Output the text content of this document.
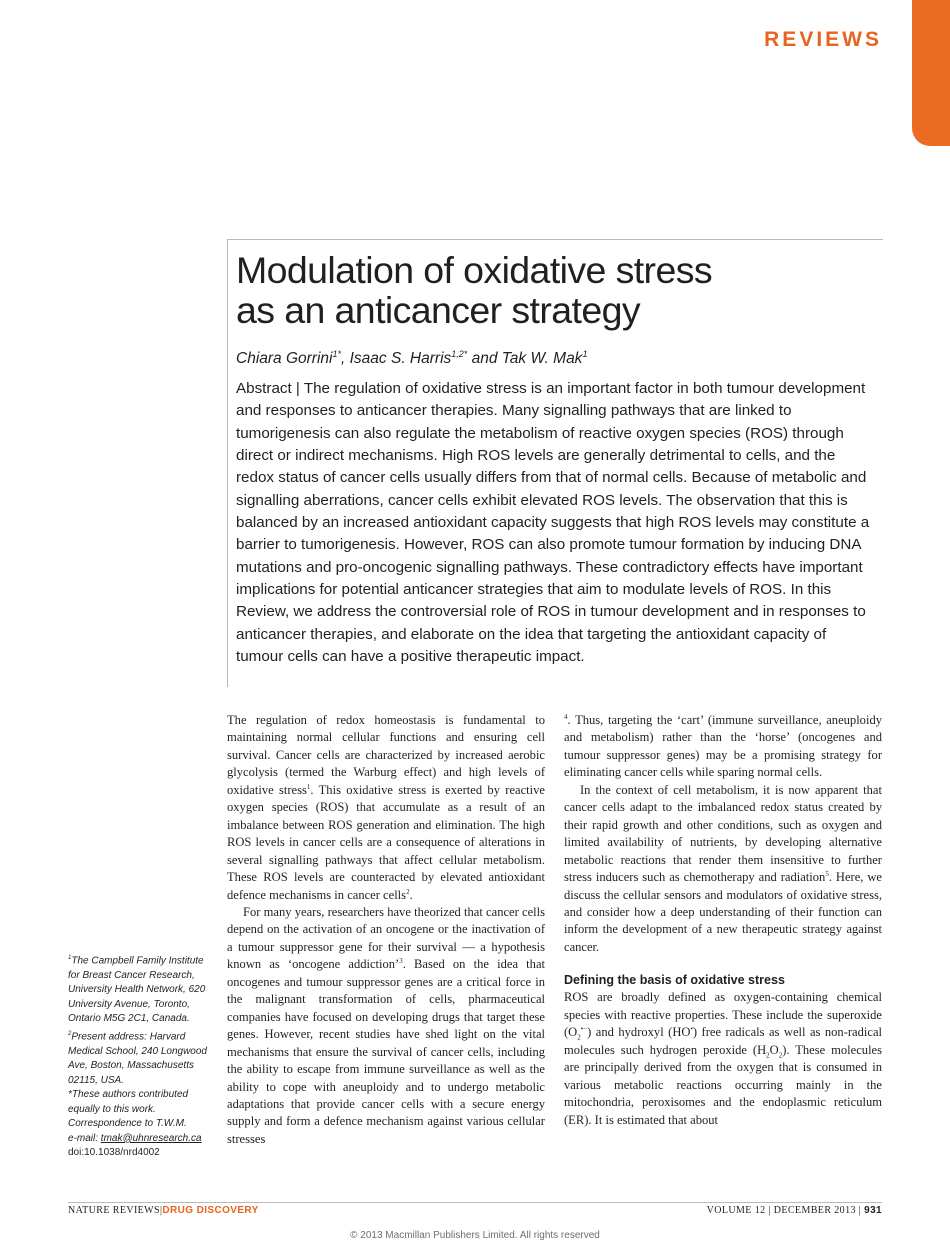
REVIEWS
Modulation of oxidative stress
as an anticancer strategy
Chiara Gorrini$^{1*}$, Isaac S. Harris$^{1,2*}$ and Tak W. Mak$^1$

Abstract | The regulation of oxidative stress is an important factor in both tumour development and responses to anticancer therapies. Many signalling pathways that are linked to tumorigenesis can also regulate the metabolism of reactive oxygen species (ROS) through direct or indirect mechanisms. High ROS levels are generally detrimental to cells, and the redox status of cancer cells usually differs from that of normal cells. Because of metabolic and signalling aberrations, cancer cells exhibit elevated ROS levels. The observation that this is balanced by an increased antioxidant capacity suggests that high ROS levels may constitute a barrier to tumorigenesis. However, ROS can also promote tumour formation by inducing DNA mutations and pro-oncogenic signalling pathways. These contradictory effects have important implications for potential anticancer strategies that aim to modulate levels of ROS. In this Review, we address the controversial role of ROS in tumour development and in responses to anticancer therapies, and elaborate on the idea that targeting the antioxidant capacity of tumour cells can have a positive therapeutic impact.

The regulation of redox homeostasis is fundamental to maintaining normal cellular functions and ensuring cell survival. Cancer cells are characterized by increased aerobic glycolysis (termed the Warburg effect) and high levels of oxidative stress$^1$. This oxidative stress is exerted by reactive oxygen species (ROS) that accumulate as a result of an imbalance between ROS generation and elimination. The high ROS levels in cancer cells are a consequence of alterations in several signalling pathways that affect cellular metabolism. These ROS levels are counteracted by elevated antioxidant defence mechanisms in cancer cells$^2$.

For many years, researchers have theorized that cancer cells depend on the activation of an oncogene or the inactivation of a tumour suppressor gene for their survival — a hypothesis known as ‘oncogene addiction’$^3$. Based on the idea that oncogenes and tumour suppressor genes are a critical force in the malignant transformation of cells, pharmaceutical companies have focused on developing drugs that target these genes. However, recent studies have shed light on the vital mechanisms that ensure the survival of cancer cells, including the ability to escape from immune surveillance as well as the ability to cope with aneuploidy and to undergo metabolic adaptations that provide cancer cells with a secure energy supply and form a defence mechanism against various cellular stresses

$^4$. Thus, targeting the ‘cart’ (immune surveillance, aneuploidy and metabolism) rather than the ‘horse’ (oncogenes and tumour suppressor genes) may be a promising strategy for eliminating cancer cells while sparing normal cells.

In the context of cell metabolism, it is now apparent that cancer cells adapt to the imbalanced redox status created by their rapid growth and other conditions, such as oxygen and limited availability of nutrients, by developing alternative metabolic reactions that render them insensitive to further stress inducers such as chemotherapy and radiation$^5$. Here, we discuss the cellular sensors and modulators of oxidative stress, and consider how a deep understanding of their function can inform the development of a new therapeutic strategy against cancer.

Defining the basis of oxidative stress

ROS are broadly defined as oxygen-containing chemical species with reactive properties. These include the superoxide $(O_2^{•-})$ and hydroxyl (HO•) free radicals as well as non-radical molecules such hydrogen peroxide $(H_2O_2)$. These molecules are principally derived from the oxygen that is consumed in various metabolic reactions occurring mainly in the mitochondria, peroxisomes and the endoplasmic reticulum (ER). It is estimated that about

$^1$The Campbell Family Institute for Breast Cancer Research, University Health Network, 620 University Avenue, Toronto, Ontario M5G 2C1, Canada.
$^2$Present address: Harvard Medical School, 240 Longwood Ave, Boston, Massachusetts 02115, USA.
*These authors contributed equally to this work.
Correspondence to T.W.M.
e-mail: tmak@uhnresearch.ca
doi:10.1038/nrd4002
NATURE REVIEWS|DRUG DISCOVERY	VOLUME 12 | DECEMBER 2013 | 931
© 2013 Macmillan Publishers Limited. All rights reserved
